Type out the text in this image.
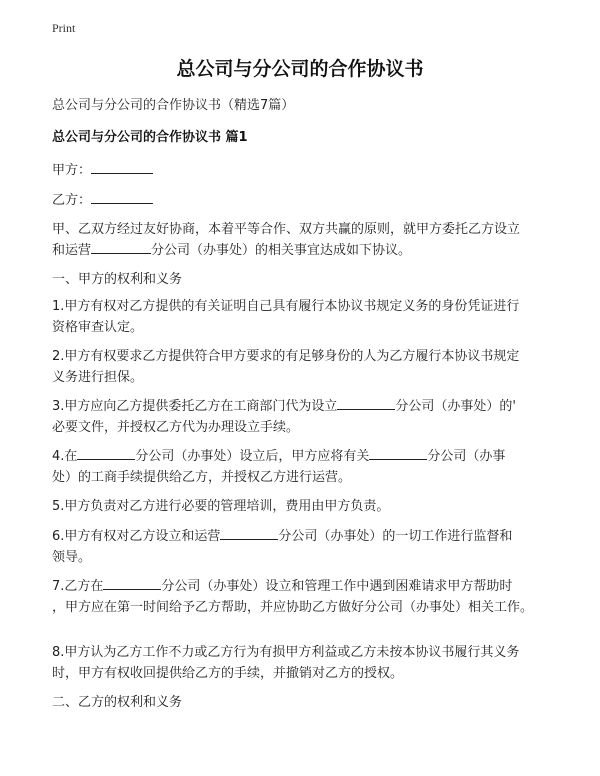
Print
总公司与分公司的合作协议书
总公司与分公司的合作协议书（精选7篇）
总公司与分公司的合作协议书 篇1
甲方：
乙方：
甲、乙双方经过友好协商，本着平等合作、双方共赢的原则，就甲方委托乙方设立
和运营	分公司（办事处）的相关事宜达成如下协议。
一、甲方的权利和义务
1.甲方有权对乙方提供的有关证明自己具有履行本协议书规定义务的身份凭证进行
资格审查认定。
2.甲方有权要求乙方提供符合甲方要求的有足够身份的人为乙方履行本协议书规定
义务进行担保。
3.甲方应向乙方提供委托乙方在工商部门代为设立	分公司（办事处）的'
必要文件，并授权乙方代为办理设立手续。
4.在	分公司（办事处）设立后，甲方应将有关	分公司（办事
处）的工商手续提供给乙方，并授权乙方进行运营。
5.甲方负责对乙方进行必要的管理培训，费用由甲方负责。
6.甲方有权对乙方设立和运营	分公司（办事处）的一切工作进行监督和
领导。
7.乙方在	分公司（办事处）设立和管理工作中遇到困难请求甲方帮助时
，甲方应在第一时间给予乙方帮助，并应协助乙方做好分公司（办事处）相关工作。
8.甲方认为乙方工作不力或乙方行为有损甲方利益或乙方未按本协议书履行其义务
时，甲方有权收回提供给乙方的手续，并撤销对乙方的授权。
二、乙方的权利和义务
